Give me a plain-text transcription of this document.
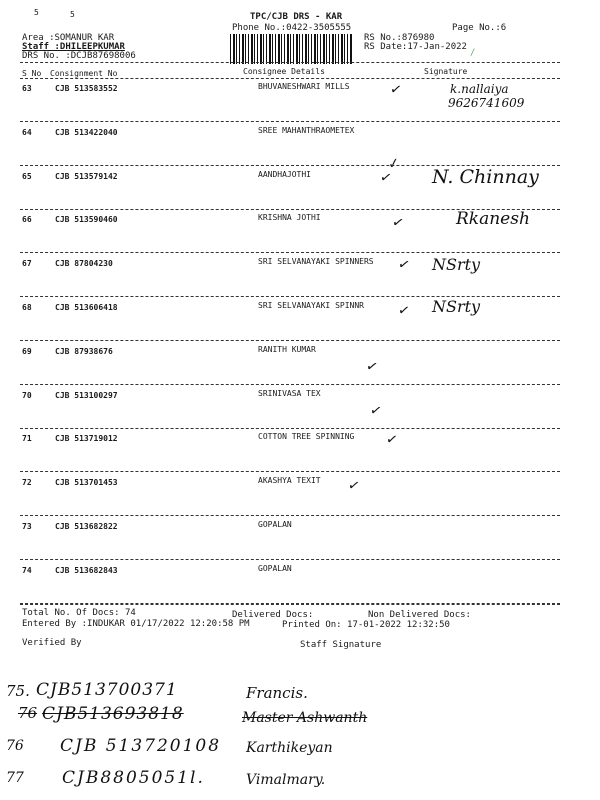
5	5	TPC/CJB DRS - KAR
Phone No.:0422-3505555	Page No.:6
Area :SOMANUR KAR
Staff :DHILEEPKUMAR
DRS No. :DCJB87698006
RS No.:876980
RS Date:17-Jan-2022
/
S No Consignment No	Consignee Details	Signature
63	CJB 513583552	BHUVANESHWARI MILLS	k.nallaiya
9626741609
✓
64	CJB 513422040	SREE MAHANTHRAOMETEX
✓
65	CJB 513579142	AANDHAJOTHI	N. Chinnay
✓
66	CJB 513590460	KRISHNA JOTHI	Rkanesh
✓
67	CJB 87804230	SRI SELVANAYAKI SPINNERS	NSrty
✓
68	CJB 513606418	SRI SELVANAYAKI SPINNR	NSrty
✓
69	CJB 87938676	RANITH KUMAR
✓
70	CJB 513100297	SRINIVASA TEX
✓
71	CJB 513719012	COTTON TREE SPINNING ✓
72	CJB 513701453	AKASHYA TEXIT ✓
73	CJB 513682822	GOPALAN
74	CJB 513682843	GOPALAN
Total No. Of Docs: 74	Delivered Docs:	Non Delivered Docs:
Entered By :INDUKAR 01/17/2022 12:20:58 PM	Printed On: 17-01-2022 12:32:50
Verified By	Staff Signature
75. CJB513700371	Francis.
76 CJB513693818	Master Ashwanth
76 CJB 513720108 Karthikeyan
77 CJB8805051l.	Vimalmary.
